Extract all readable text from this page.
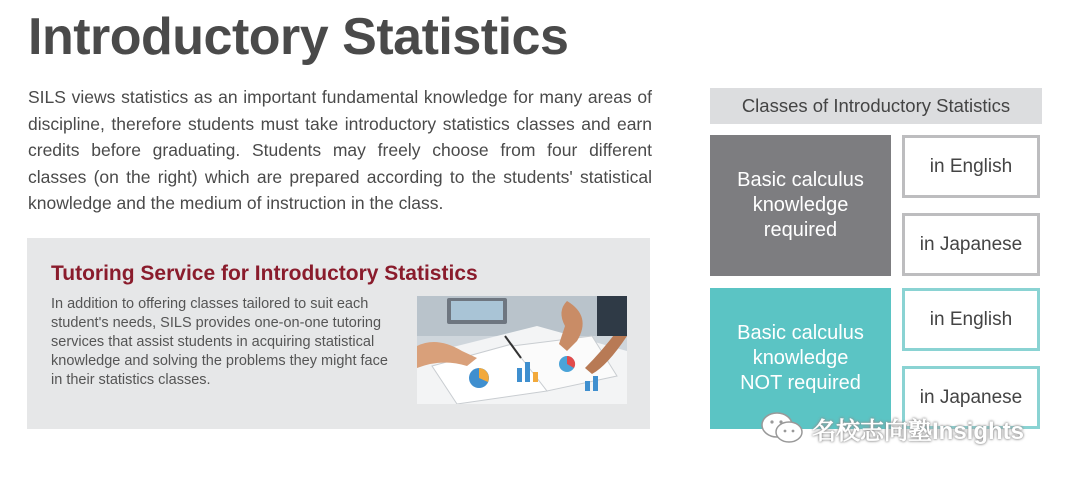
Introductory Statistics

SILS views statistics as an important fundamental knowledge for many areas of discipline, therefore students must take introductory statistics classes and earn credits before graduating. Students may freely choose from four different classes (on the right) which are prepared according to the students' statistical knowledge and the medium of instruction in the class.

Tutoring Service for Introductory Statistics

In addition to offering classes tailored to suit each student's needs, SILS provides one-on-one tutoring services that assist students in acquiring statistical knowledge and solving the problems they might face in their statistics classes.

Classes of Introductory Statistics
Basic calculus
knowledge
required
in English
in Japanese
Basic calculus
knowledge
NOT required
in English
in Japanese
名校志向塾Insights
